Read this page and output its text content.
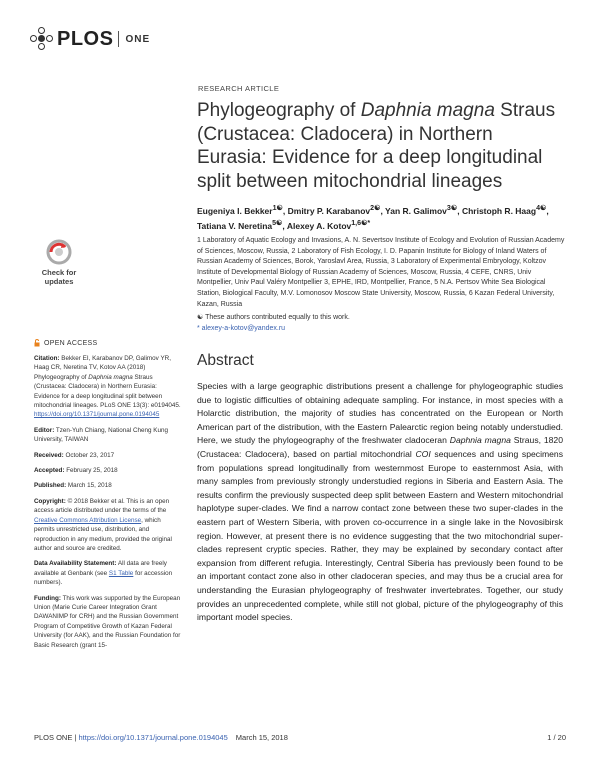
PLOS ONE
RESEARCH ARTICLE
Phylogeography of Daphnia magna Straus (Crustacea: Cladocera) in Northern Eurasia: Evidence for a deep longitudinal split between mitochondrial lineages
Eugeniya I. Bekker$^{1☯}$, Dmitry P. Karabanov$^{2☯}$, Yan R. Galimov$^{3☯}$, Christoph R. Haag$^{4☯}$, Tatiana V. Neretina$^{5☯}$, Alexey A. Kotov$^{1,6☯*}$
1 Laboratory of Aquatic Ecology and Invasions, A. N. Severtsov Institute of Ecology and Evolution of Russian Academy of Sciences, Moscow, Russia, 2 Laboratory of Fish Ecology, I. D. Papanin Institute for Biology of Inland Waters of Russian Academy of Sciences, Borok, Yaroslavl Area, Russia, 3 Laboratory of Experimental Embryology, Koltzov Institute of Developmental Biology of Russian Academy of Sciences, Moscow, Russia, 4 CEFE, CNRS, Univ Montpellier, Univ Paul Valéry Montpellier 3, EPHE, IRD, Montpellier, France, 5 N.A. Pertsov White Sea Biological Station, Biological Faculty, M.V. Lomonosov Moscow State University, Moscow, Russia, 6 Kazan Federal University, Kazan, Russia
☯ These authors contributed equally to this work.
* alexey-a-kotov@yandex.ru
Abstract
Species with a large geographic distributions present a challenge for phylogeographic studies due to logistic difficulties of obtaining adequate sampling. For instance, in most species with a Holarctic distribution, the majority of studies has concentrated on the European or North American part of the distribution, with the Eastern Palearctic region being notably understudied. Here, we study the phylogeography of the freshwater cladoceran Daphnia magna Straus, 1820 (Crustacea: Cladocera), based on partial mitochondrial COI sequences and using specimens from populations spread longitudinally from westernmost Europe to easternmost Asia, with many samples from previously strongly understudied regions in Siberia and Eastern Asia. The results confirm the previously suspected deep split between Eastern and Western mitochondrial haplotype super-clades. We find a narrow contact zone between these two super-clades in the eastern part of Western Siberia, with proven co-occurrence in a single lake in the Novosibirsk region. However, at present there is no evidence suggesting that the two mitochondrial super-clades represent cryptic species. Rather, they may be explained by secondary contact after expansion from different refugia. Interestingly, Central Siberia has previously been found to be an important contact zone also in other cladoceran species, and may thus be a crucial area for understanding the Eurasian phylogeography of freshwater invertebrates. Together, our study provides an unprecedented complete, while still not global, picture of the phylogeography of this important model species.
Check for
updates
OPEN ACCESS

Citation: Bekker EI, Karabanov DP, Galimov YR, Haag CR, Neretina TV, Kotov AA (2018) Phylogeography of Daphnia magna Straus (Crustacea: Cladocera) in Northern Eurasia: Evidence for a deep longitudinal split between mitochondrial lineages. PLoS ONE 13(3): e0194045. https://doi.org/10.1371/journal.pone.0194045

Editor: Tzen-Yuh Chiang, National Cheng Kung University, TAIWAN

Received: October 23, 2017

Accepted: February 25, 2018

Published: March 15, 2018

Copyright: © 2018 Bekker et al. This is an open access article distributed under the terms of the Creative Commons Attribution License, which permits unrestricted use, distribution, and reproduction in any medium, provided the original author and source are credited.

Data Availability Statement: All data are freely available at Genbank (see S1 Table for accession numbers).

Funding: This work was supported by the European Union (Marie Curie Career Integration Grant DAWANIMP for CRH) and the Russian Government Program of Competitive Growth of Kazan Federal University (for AAK), and the Russian Foundation for Basic Research (grant 15-

PLOS ONE | https://doi.org/10.1371/journal.pone.0194045 March 15, 2018	1 / 20
